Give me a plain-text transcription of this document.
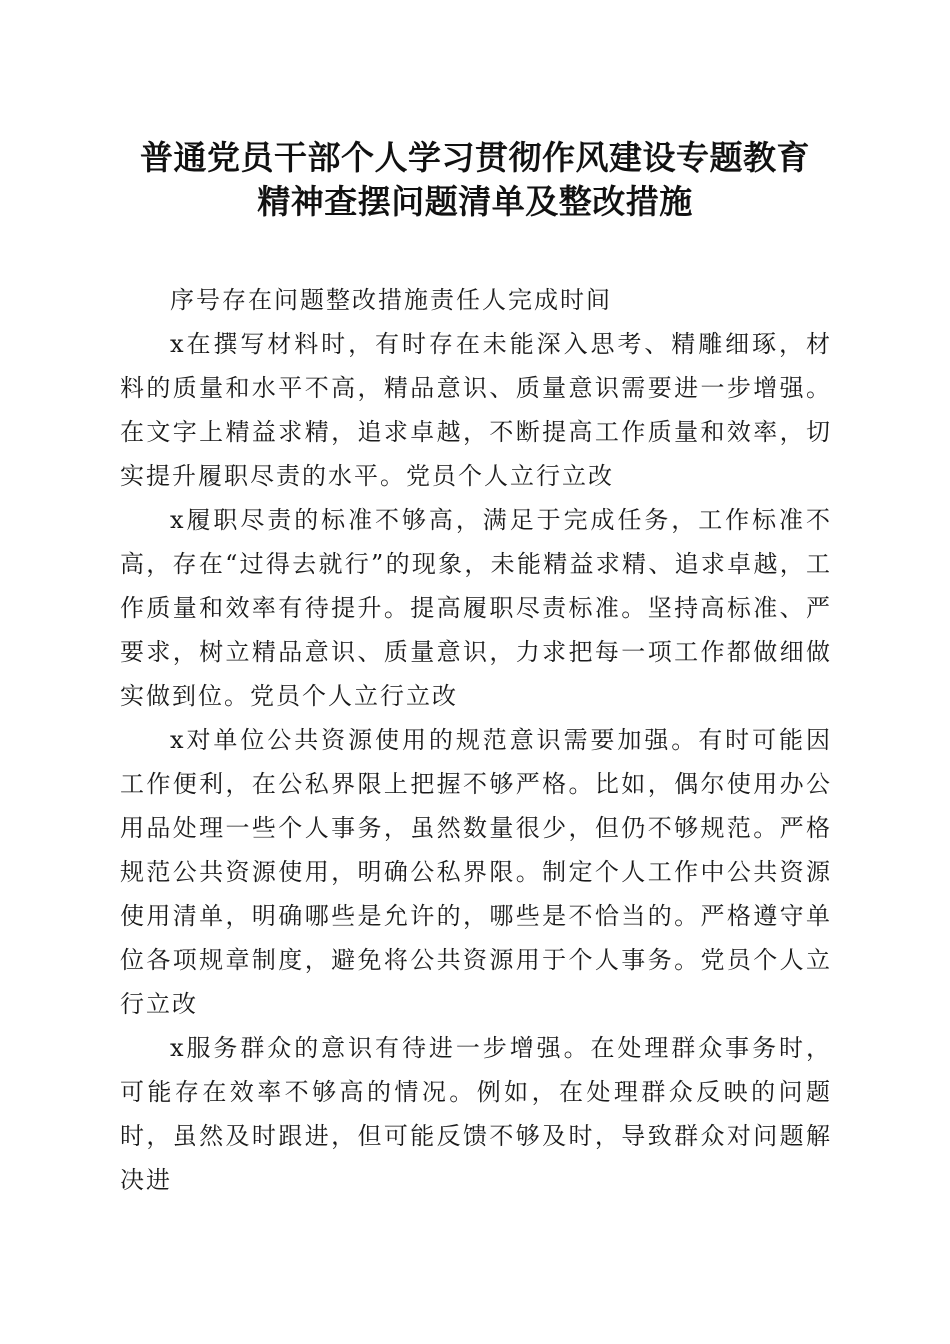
普通党员干部个人学习贯彻作风建设专题教育
精神查摆问题清单及整改措施

序号存在问题整改措施责任人完成时间

x在撰写材料时，有时存在未能深入思考、精雕细琢，材料的质量和水平不高，精品意识、质量意识需要进一步增强。在文字上精益求精，追求卓越，不断提高工作质量和效率，切实提升履职尽责的水平。党员个人立行立改

x履职尽责的标准不够高，满足于完成任务，工作标准不高，存在“过得去就行”的现象，未能精益求精、追求卓越，工作质量和效率有待提升。提高履职尽责标准。坚持高标准、严要求，树立精品意识、质量意识，力求把每一项工作都做细做实做到位。党员个人立行立改

x对单位公共资源使用的规范意识需要加强。有时可能因工作便利，在公私界限上把握不够严格。比如，偶尔使用办公用品处理一些个人事务，虽然数量很少，但仍不够规范。严格规范公共资源使用，明确公私界限。制定个人工作中公共资源使用清单，明确哪些是允许的，哪些是不恰当的。严格遵守单位各项规章制度，避免将公共资源用于个人事务。党员个人立行立改

x服务群众的意识有待进一步增强。在处理群众事务时，可能存在效率不够高的情况。例如，在处理群众反映的问题时，虽然及时跟进，但可能反馈不够及时，导致群众对问题解决进
